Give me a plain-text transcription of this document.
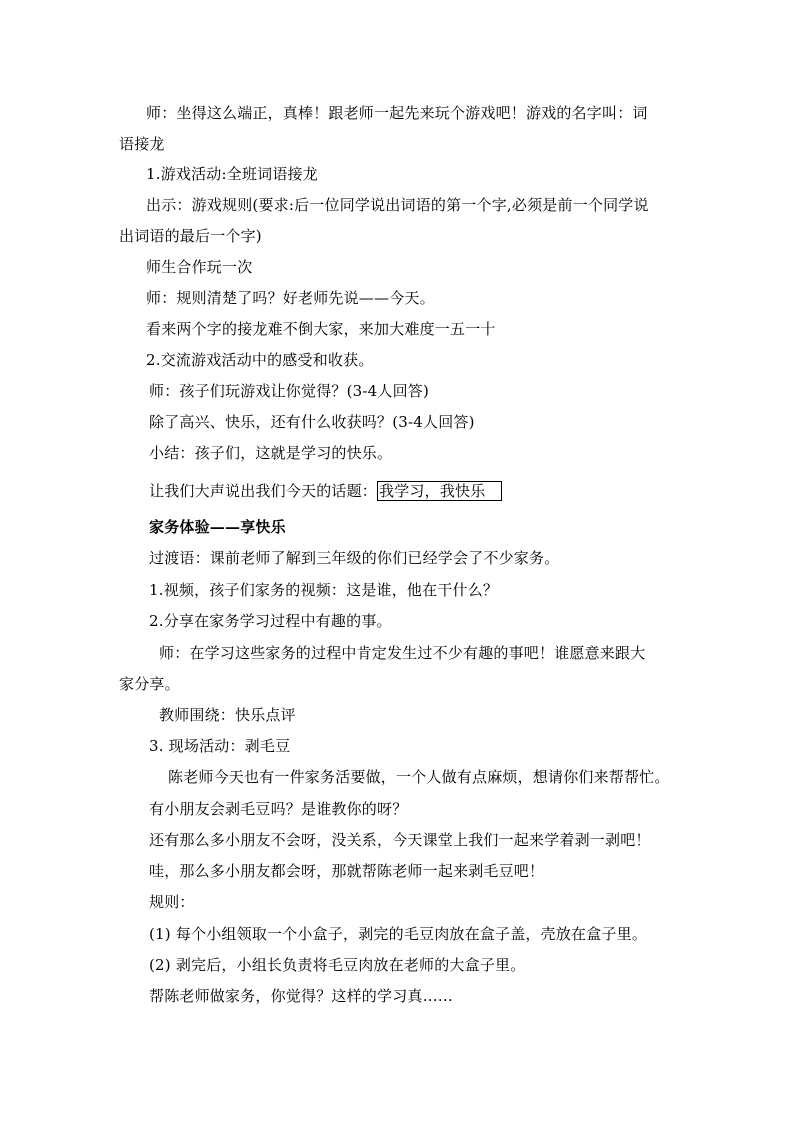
师：坐得这么端正，真棒！跟老师一起先来玩个游戏吧！游戏的名字叫：词
语接龙
1.游戏活动:全班词语接龙
出示：游戏规则(要求:后一位同学说出词语的第一个字,必须是前一个同学说
出词语的最后一个字)
师生合作玩一次
师：规则清楚了吗？好老师先说——今天。
看来两个字的接龙难不倒大家，来加大难度一五一十
2.交流游戏活动中的感受和收获。
师：孩子们玩游戏让你觉得？(3-4人回答)
除了高兴、快乐，还有什么收获吗？(3-4人回答)
小结：孩子们，这就是学习的快乐。
让我们大声说出我们今天的话题： 我学习，我快乐
家务体验——享快乐
过渡语：课前老师了解到三年级的你们已经学会了不少家务。
1.视频，孩子们家务的视频：这是谁，他在干什么？
2.分享在家务学习过程中有趣的事。
师：在学习这些家务的过程中肯定发生过不少有趣的事吧！谁愿意来跟大
家分享。
教师围绕：快乐点评
3. 现场活动：剥毛豆
陈老师今天也有一件家务活要做，一个人做有点麻烦，想请你们来帮帮忙。
有小朋友会剥毛豆吗？是谁教你的呀？
还有那么多小朋友不会呀，没关系，今天课堂上我们一起来学着剥一剥吧！
哇，那么多小朋友都会呀，那就帮陈老师一起来剥毛豆吧！
规则：
(1) 每个小组领取一个小盒子，剥完的毛豆肉放在盒子盖，壳放在盒子里。
(2) 剥完后，小组长负责将毛豆肉放在老师的大盒子里。
帮陈老师做家务，你觉得？这样的学习真……
